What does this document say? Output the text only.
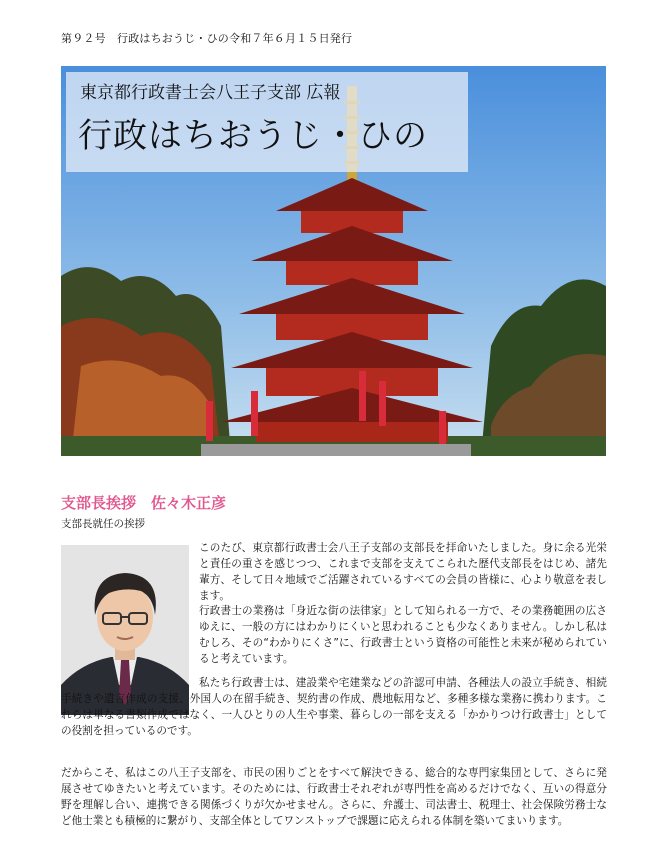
第９２号　行政はちおうじ・ひの令和７年６月１５日発行
東京都行政書士会八王子支部 広報
行政はちおうじ・ひの
支部長挨拶　佐々木正彦
支部長就任の挨拶

このたび、東京都行政書士会八王子支部の支部長を拝命いたしました。身に余る光栄と責任の重さを感じつつ、これまで支部を支えてこられた歴代支部長をはじめ、諸先輩方、そして日々地域でご活躍されているすべての会員の皆様に、心より敬意を表します。

行政書士の業務は「身近な街の法律家」として知られる一方で、その業務範囲の広さゆえに、一般の方にはわかりにくいと思われることも少なくありません。しかし私はむしろ、その“わかりにくさ”に、行政書士という資格の可能性と未来が秘められていると考えています。

私たち行政書士は、建設業や宅建業などの許認可申請、各種法人の設立手続き、相続手続きや遺言作成の支援、外国人の在留手続き、契約書の作成、農地転用など、多種多様な業務に携わります。これらは単なる書類作成ではなく、一人ひとりの人生や事業、暮らしの一部を支える「かかりつけ行政書士」としての役割を担っているのです。

だからこそ、私はこの八王子支部を、市民の困りごとをすべて解決できる、総合的な専門家集団として、さらに発展させてゆきたいと考えています。そのためには、行政書士それぞれが専門性を高めるだけでなく、互いの得意分野を理解し合い、連携できる関係づくりが欠かせません。さらに、弁護士、司法書士、税理士、社会保険労務士など他士業とも積極的に繋がり、支部全体としてワンストップで課題に応えられる体制を築いてまいります。
